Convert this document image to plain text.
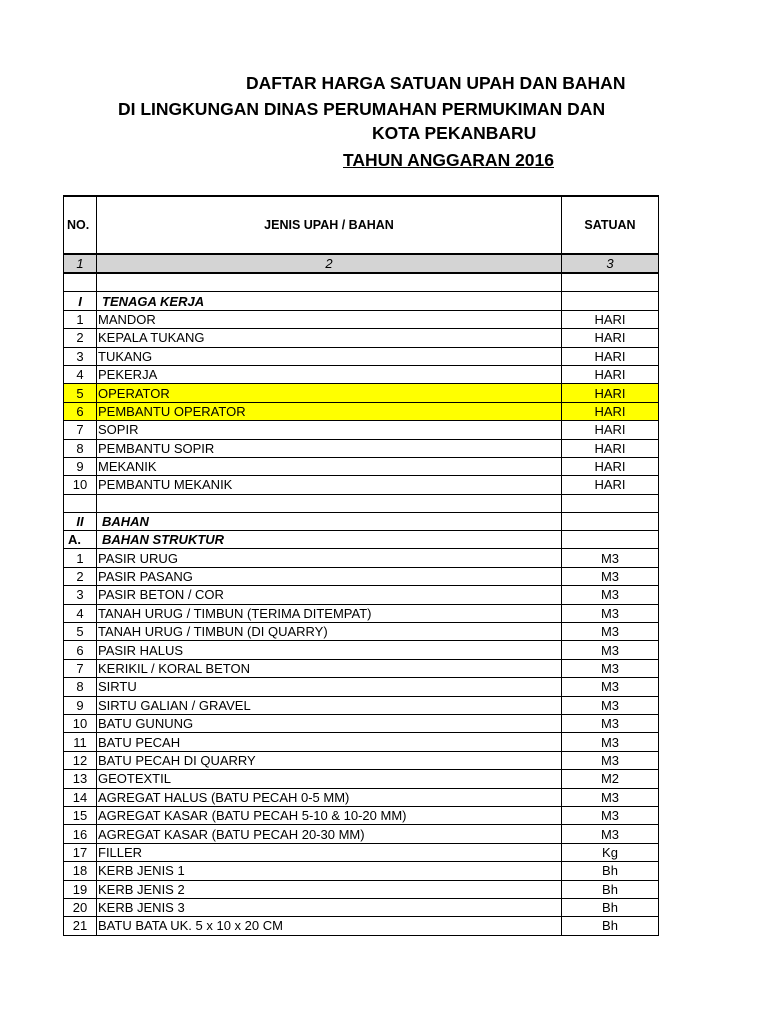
DAFTAR HARGA SATUAN UPAH DAN BAHAN
DI LINGKUNGAN DINAS PERUMAHAN PERMUKIMAN DAN
KOTA PEKANBARU
TAHUN ANGGARAN 2016
NO.	JENIS UPAH / BAHAN	SATUAN
1	2	3

I	TENAGA KERJA	
1	MANDOR	HARI
2	KEPALA TUKANG	HARI
3	TUKANG	HARI
4	PEKERJA	HARI
5	OPERATOR	HARI
6	PEMBANTU OPERATOR	HARI
7	SOPIR	HARI
8	PEMBANTU SOPIR	HARI
9	MEKANIK	HARI
10	PEMBANTU MEKANIK	HARI

II	BAHAN	
A.	BAHAN STRUKTUR	
1	PASIR URUG	M3
2	PASIR PASANG	M3
3	PASIR BETON / COR	M3
4	TANAH URUG / TIMBUN (TERIMA DITEMPAT)	M3
5	TANAH URUG / TIMBUN (DI QUARRY)	M3
6	PASIR HALUS	M3
7	KERIKIL / KORAL BETON	M3
8	SIRTU	M3
9	SIRTU GALIAN / GRAVEL	M3
10	BATU GUNUNG	M3
11	BATU PECAH	M3
12	BATU PECAH DI QUARRY	M3
13	GEOTEXTIL	M2
14	AGREGAT HALUS (BATU PECAH 0-5 MM)	M3
15	AGREGAT KASAR (BATU PECAH 5-10 & 10-20 MM)	M3
16	AGREGAT KASAR (BATU PECAH 20-30 MM)	M3
17	FILLER	Kg
18	KERB JENIS 1	Bh
19	KERB JENIS 2	Bh
20	KERB JENIS 3	Bh
21	BATU BATA UK. 5 x 10 x 20 CM	Bh
